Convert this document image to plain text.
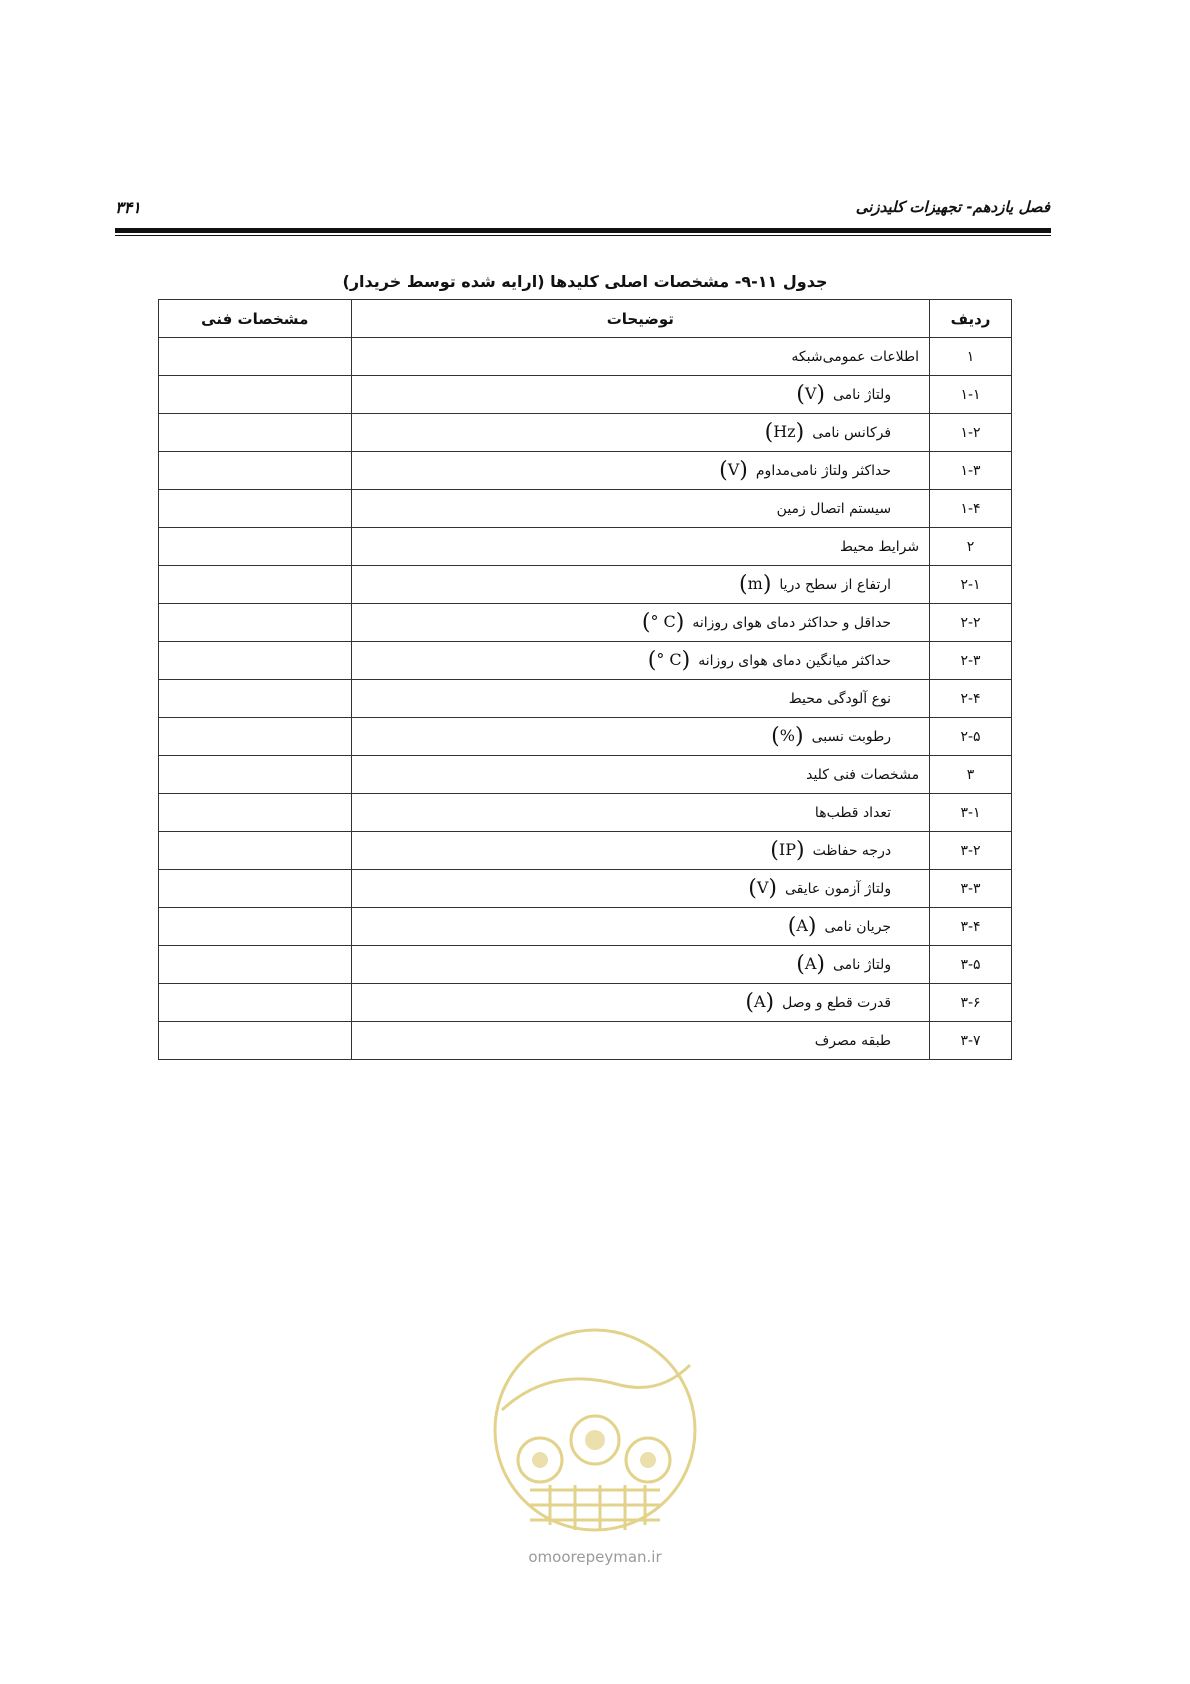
فصل یازدهم- تجهیزات کلیدزنی
۳۴۱
جدول ۱۱-۹- مشخصات اصلی کلیدها (ارایه شده توسط خریدار)
ردیف	توضیحات	مشخصات فنی
۱	اطلاعات عمومی‌شبکه	
۱-۱	ولتاژ نامی(V)	
۱-۲	فرکانس نامی(Hz)	
۱-۳	حداکثر ولتاژ نامی‌مداوم(V)	
۱-۴	سیستم اتصال زمین	
۲	شرایط محیط	
۲-۱	ارتفاع از سطح دریا(m)	
۲-۲	حداقل و حداکثر دمای هوای روزانه(° C)	
۲-۳	حداکثر میانگین دمای هوای روزانه(° C)	
۲-۴	نوع آلودگی محیط	
۲-۵	رطوبت نسبی(%)	
۳	مشخصات فنی کلید	
۳-۱	تعداد قطب‌ها	
۳-۲	درجه حفاظت(IP)	
۳-۳	ولتاژ آزمون عایقی(V)	
۳-۴	جریان نامی(A)	
۳-۵	ولتاژ نامی(A)	
۳-۶	قدرت قطع و وصل(A)	
۳-۷	طبقه مصرف	
omoorepeyman.ir
